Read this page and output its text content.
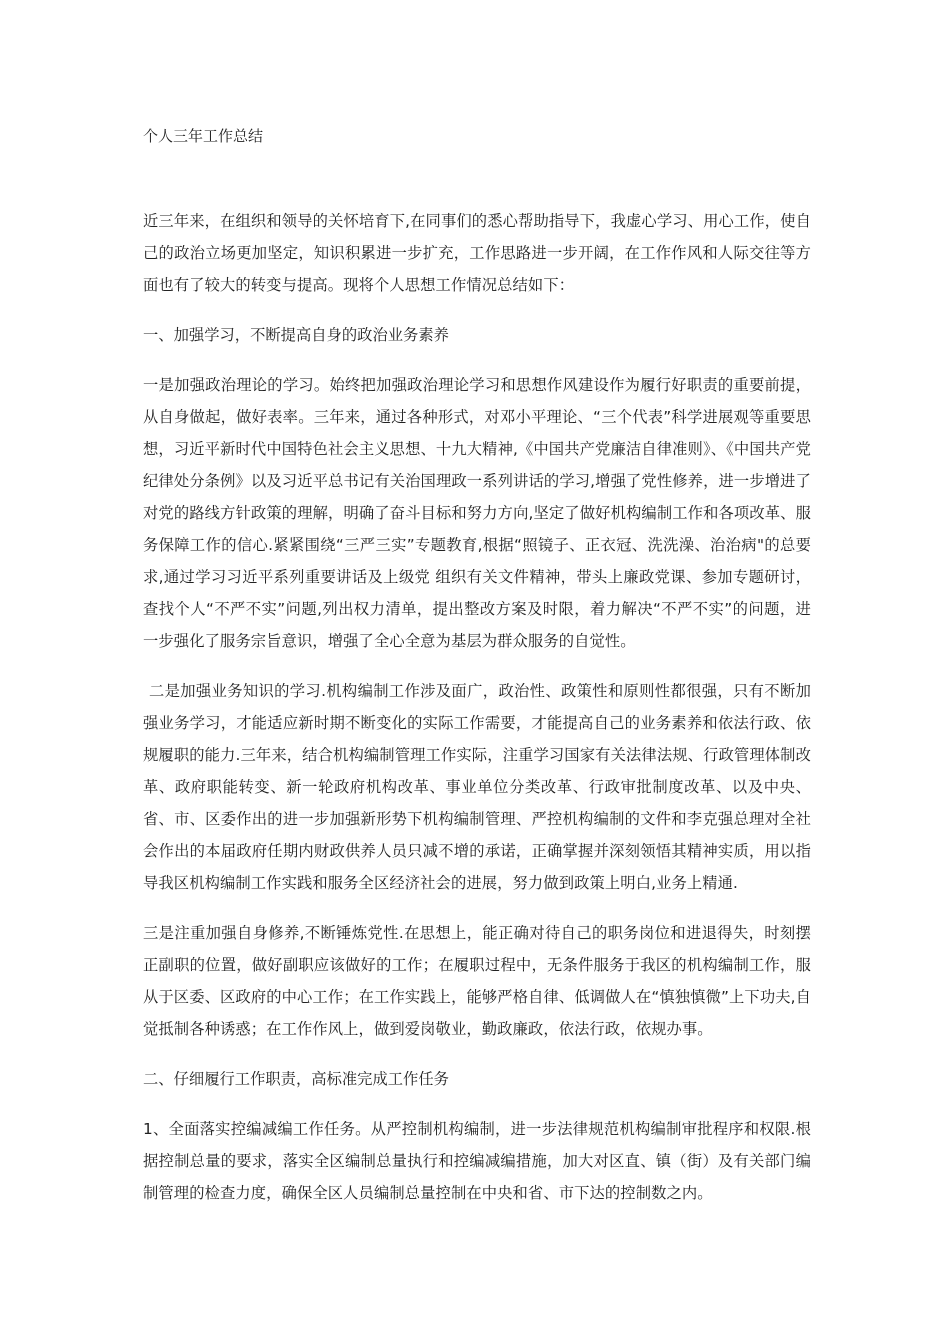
个人三年工作总结

近三年来，在组织和领导的关怀培育下,在同事们的悉心帮助指导下，我虚心学习、用心工作，使自己的政治立场更加坚定，知识积累进一步扩充，工作思路进一步开阔，在工作作风和人际交往等方面也有了较大的转变与提高。现将个人思想工作情况总结如下：

一、加强学习，不断提高自身的政治业务素养

一是加强政治理论的学习。始终把加强政治理论学习和思想作风建设作为履行好职责的重要前提，从自身做起，做好表率。三年来，通过各种形式，对邓小平理论、“三个代表”科学进展观等重要思想，习近平新时代中国特色社会主义思想、十九大精神,《中国共产党廉洁自律准则》、《中国共产党纪律处分条例》以及习近平总书记有关治国理政一系列讲话的学习,增强了党性修养，进一步增进了对党的路线方针政策的理解，明确了奋斗目标和努力方向,坚定了做好机构编制工作和各项改革、服务保障工作的信心.紧紧围绕“三严三实”专题教育,根据“照镜子、正衣冠、洗洗澡、治治病"的总要求,通过学习习近平系列重要讲话及上级党 组织有关文件精神，带头上廉政党课、参加专题研讨，查找个人“不严不实”问题,列出权力清单，提出整改方案及时限，着力解决“不严不实”的问题，进一步强化了服务宗旨意识，增强了全心全意为基层为群众服务的自觉性。

二是加强业务知识的学习.机构编制工作涉及面广，政治性、政策性和原则性都很强，只有不断加强业务学习，才能适应新时期不断变化的实际工作需要，才能提高自己的业务素养和依法行政、依规履职的能力.三年来，结合机构编制管理工作实际，注重学习国家有关法律法规、行政管理体制改革、政府职能转变、新一轮政府机构改革、事业单位分类改革、行政审批制度改革、以及中央、省、市、区委作出的进一步加强新形势下机构编制管理、严控机构编制的文件和李克强总理对全社会作出的本届政府任期内财政供养人员只减不增的承诺，正确掌握并深刻领悟其精神实质，用以指导我区机构编制工作实践和服务全区经济社会的进展，努力做到政策上明白,业务上精通.

三是注重加强自身修养,不断锤炼党性.在思想上，能正确对待自己的职务岗位和进退得失，时刻摆正副职的位置，做好副职应该做好的工作；在履职过程中，无条件服务于我区的机构编制工作，服从于区委、区政府的中心工作；在工作实践上，能够严格自律、低调做人在“慎独慎微”上下功夫,自觉抵制各种诱惑；在工作作风上，做到爱岗敬业，勤政廉政，依法行政，依规办事。

二、仔细履行工作职责，高标准完成工作任务

1、全面落实控编减编工作任务。从严控制机构编制，进一步法律规范机构编制审批程序和权限.根据控制总量的要求，落实全区编制总量执行和控编减编措施，加大对区直、镇（街）及有关部门编制管理的检查力度，确保全区人员编制总量控制在中央和省、市下达的控制数之内。
